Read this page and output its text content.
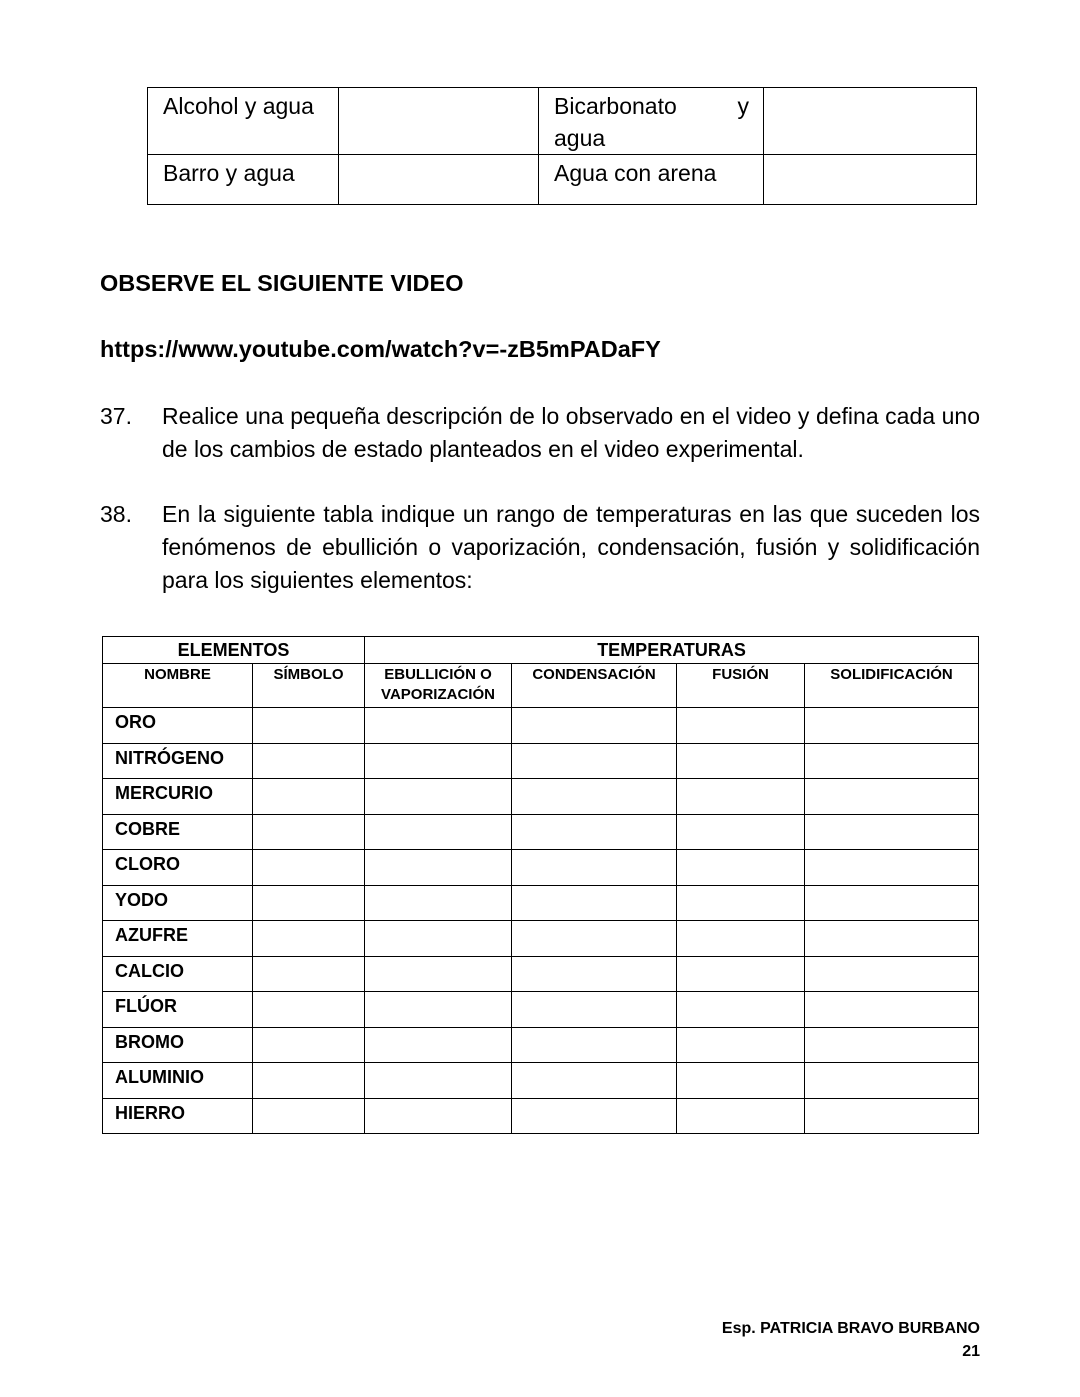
Alcohol y agua		Bicarbonato y
agua	

Barro y agua		Agua con arena	
OBSERVE EL SIGUIENTE VIDEO
https://www.youtube.com/watch?v=-zB5mPADaFY
37.	Realice una pequeña descripción de lo observado en el video y defina cada uno de los cambios de estado planteados en el video experimental.
38.	En la siguiente tabla indique un rango de temperaturas en las que suceden los fenómenos de ebullición o vaporización, condensación, fusión y solidificación para los siguientes elementos:
ELEMENTOS		TEMPERATURAS			
NOMBRE	SÍMBOLO	EBULLICIÓN O VAPORIZACIÓN	CONDENSACIÓN	FUSIÓN	SOLIDIFICACIÓN
ORO					
NITRÓGENO					
MERCURIO					
COBRE					
CLORO					
YODO					
AZUFRE					
CALCIO					
FLÚOR					
BROMO					
ALUMINIO					
HIERRO					
Esp. PATRICIA BRAVO BURBANO
21
